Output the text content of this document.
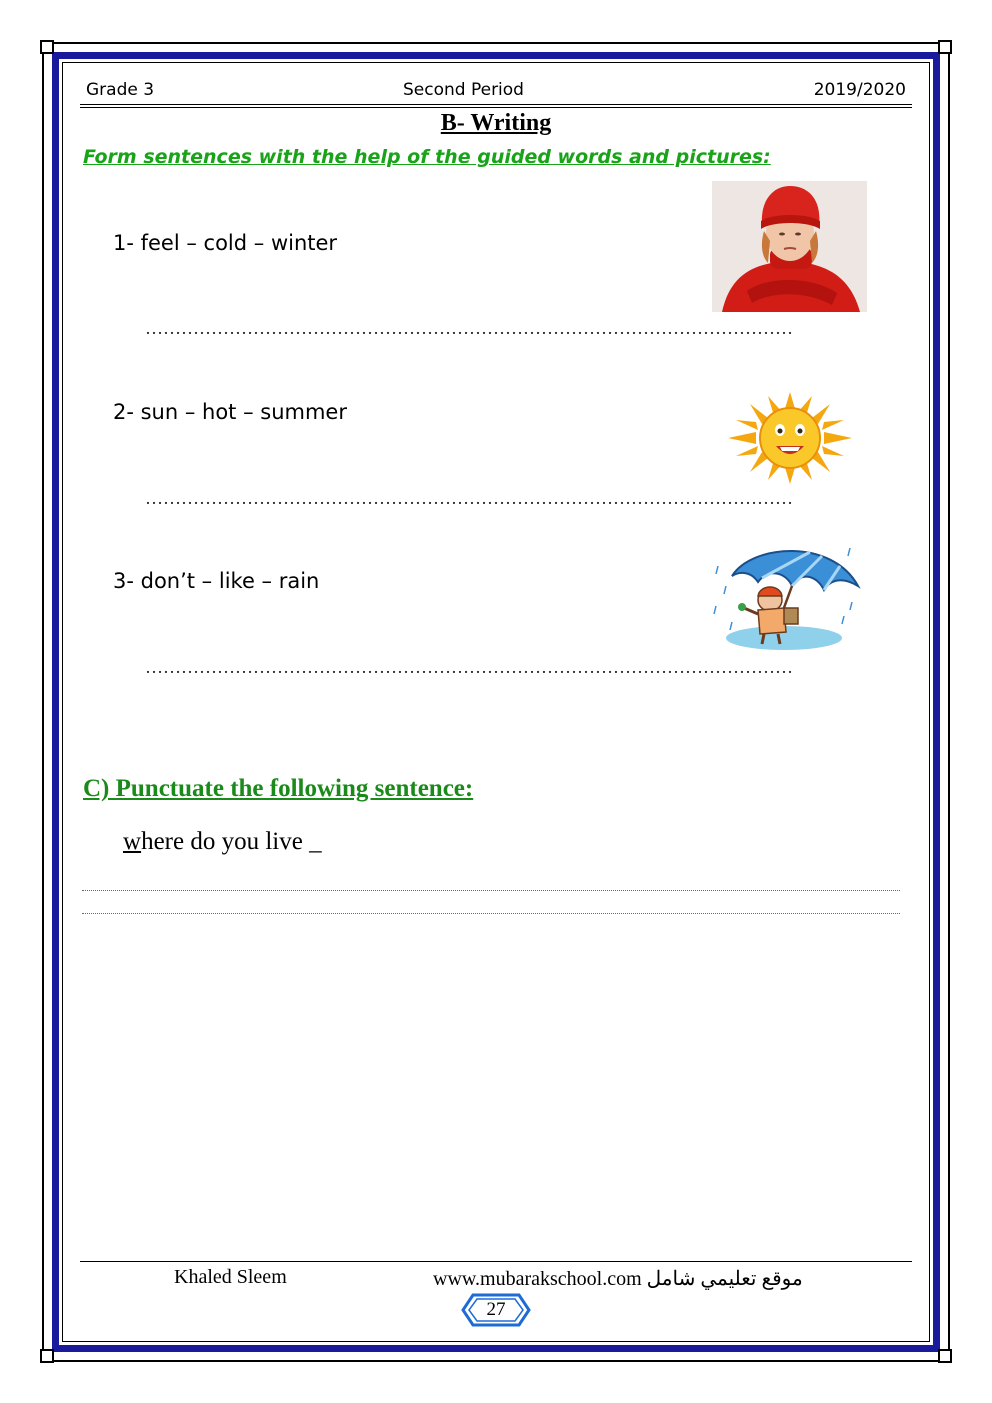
Grade 3	Second Period	2019/2020
B- Writing
Form sentences with the help of the guided words and pictures:
1- feel – cold – winter
………………………………………………………………………………………………
2- sun – hot – summer
………………………………………………………………………………………………
3- don’t – like – rain
………………………………………………………………………………………………
C) Punctuate the following sentence:
where do you live _
Khaled Sleem	www.mubarakschool.com موقع تعليمي شامل
27
